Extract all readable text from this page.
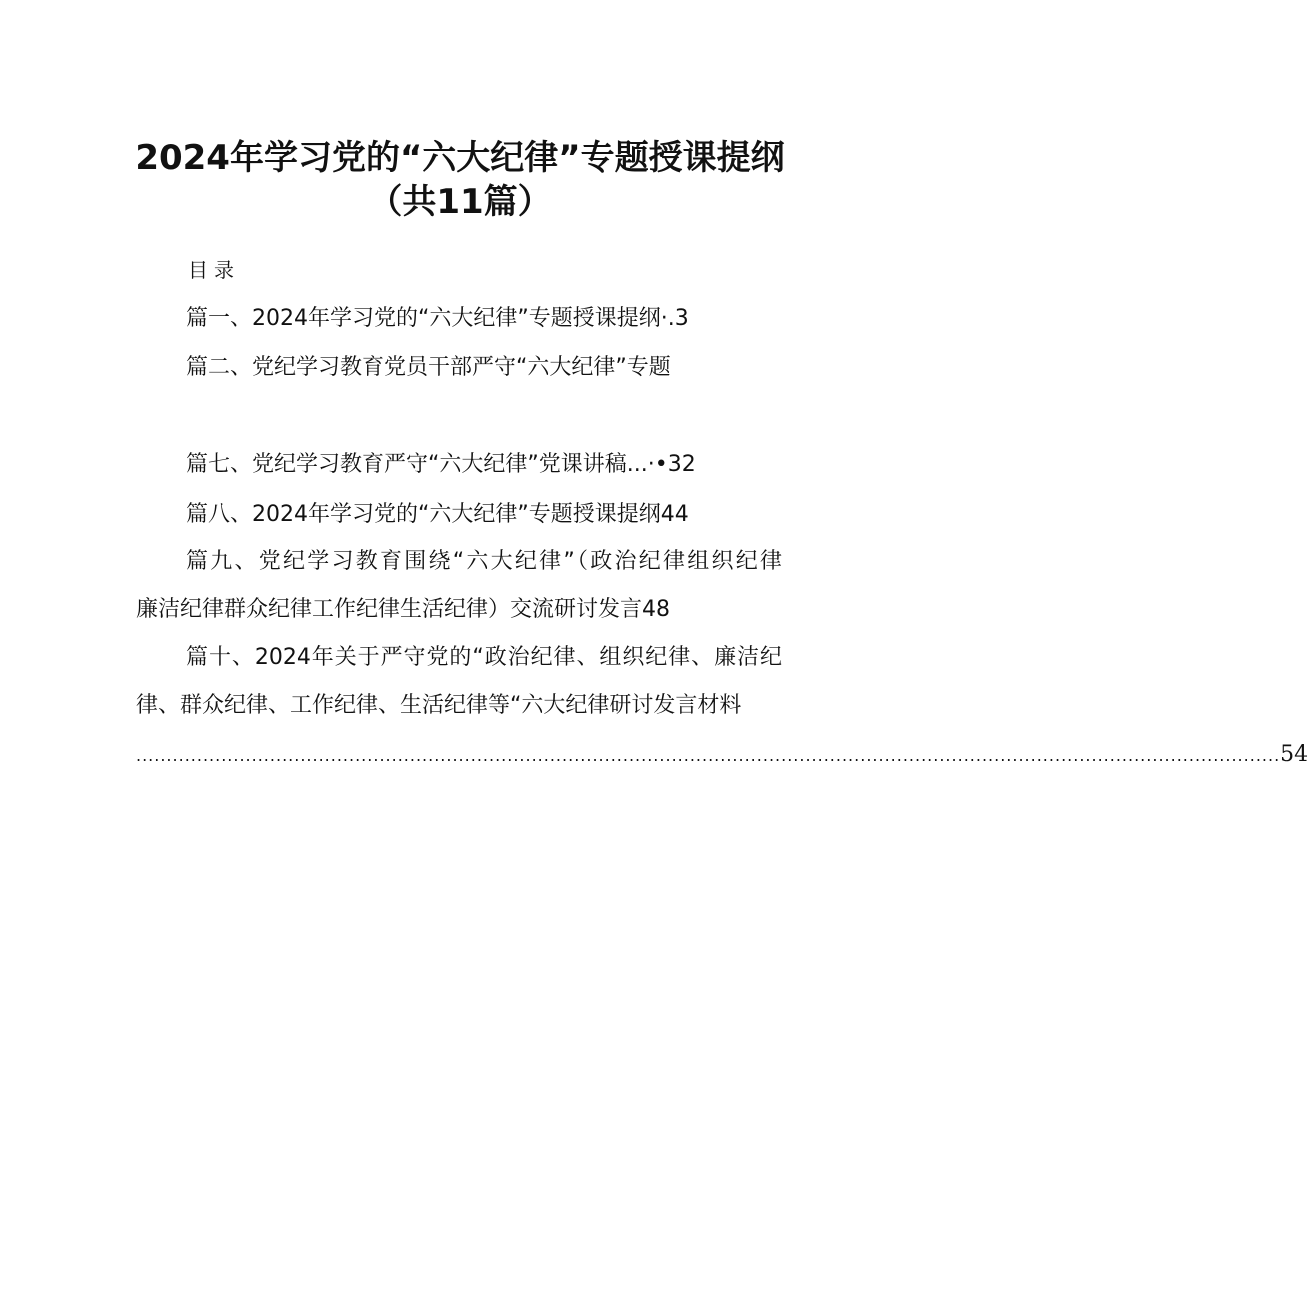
2024年学习党的“六大纪律”专题授课提纲
（共11篇）
目录
篇一、2024年学习党的“六大纪律”专题授课提纲·.3
篇二、党纪学习教育党员干部严守“六大纪律”专题
篇七、党纪学习教育严守“六大纪律”党课讲稿...·•32
篇八、2024年学习党的“六大纪律”专题授课提纲44
篇九、党纪学习教育围绕“六大纪律”（政治纪律组织纪律
廉洁纪律群众纪律工作纪律生活纪律）交流研讨发言48
篇十、2024年关于严守党的“政治纪律、组织纪律、廉洁纪
律、群众纪律、工作纪律、生活纪律等“六大纪律研讨发言材料
............................................................................................................................................................................................ 54
